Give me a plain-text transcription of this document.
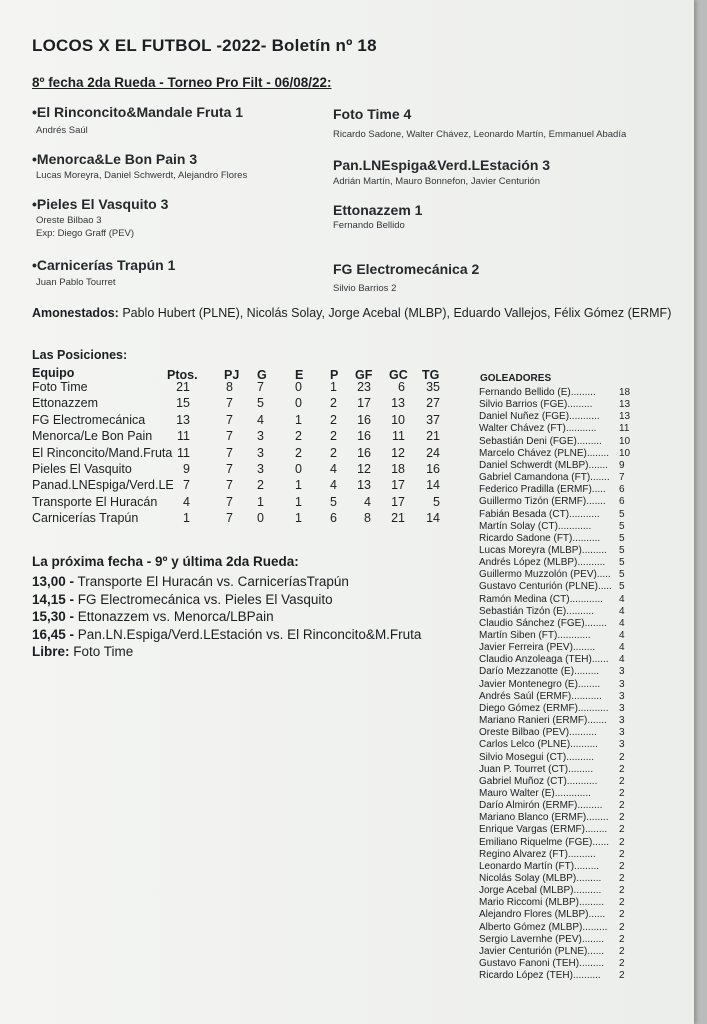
LOCOS X EL FUTBOL -2022- Boletín nº 18
8º fecha 2da Rueda - Torneo Pro Filt - 06/08/22:
•El Rinconcito&Mandale Fruta 1
Andrés Saúl
Foto Time 4
Ricardo Sadone, Walter Chávez, Leonardo Martín, Emmanuel Abadía
•Menorca&Le Bon Pain 3
Lucas Moreyra, Daniel Schwerdt, Alejandro Flores
Pan.LNEspiga&Verd.LEstación 3
Adrián Martín, Mauro Bonnefon, Javier Centurión
•Pieles El Vasquito 3
Oreste Bilbao 3
Exp: Diego Graff (PEV)
Ettonazzem 1
Fernando Bellido
•Carnicerías Trapún 1
Juan Pablo Tourret
FG Electromecánica 2
Silvio Barrios 2
Amonestados: Pablo Hubert (PLNE), Nicolás Solay, Jorge Acebal (MLBP), Eduardo Vallejos, Félix Gómez (ERMF)
Las Posiciones:
Equipo	Ptos. PJ G E P GF GC TG
Foto Time	21	8	7	0	1	23	6	35
Ettonazzem	15	7	5	0	2	17	13	27
FG Electromecánica	13	7	4	1	2	16	10	37
Menorca/Le Bon Pain	11	7	3	2	2	16	11	21
El Rinconcito/Mand.Fruta 11	7	3	2	2	16	12	24
Pieles El Vasquito	9	7	3	0	4	12	18	16
Panad.LNEspiga/Verd.LE 7	7	2	1	4	13	17	14
Transporte El Huracán	4	7	1	1	5	4	17	5
Carnicerías Trapún	1	7	0	1	6	8	21	14
La próxima fecha - 9º y última 2da Rueda:
13,00 - Transporte El Huracán vs. CarniceríasTrapún
14,15 - FG Electromecánica vs. Pieles El Vasquito
15,30 - Ettonazzem vs. Menorca/LBPain
16,45 - Pan.LN.Espiga/Verd.LEstación vs. El Rinconcito&M.Fruta
Libre: Foto Time
GOLEADORES
Fernando Bellido (E)......... 18
Silvio Barrios (FGE).........	13
Daniel Nuñez (FGE)........... 13
Walter Chávez (FT)........... 11
Sebastián Deni (FGE)......... 10
Marcelo Chávez (PLNE)........ 10
Daniel Schwerdt (MLBP)....... 9
Gabriel Camandona (FT)....... 7
Federico Pradilla (ERMF)..... 6
Guillermo Tizón (ERMF)....... 6
Fabián Besada (CT)........... 5
Martín Solay (CT)............	5
Ricardo Sadone (FT).......... 5
Lucas Moreyra (MLBP)......... 5
Andrés López (MLBP).......... 5
Guillermo Muzzolón (PEV)..... 5
Gustavo Centurión (PLNE)..... 5
Ramón Medina (CT)............ 4
Sebastián Tizón (E).......... 4
Claudio Sánchez (FGE)........ 4
Martín Siben (FT)............	4
Javier Ferreira (PEV)........ 4
Claudio Anzoleaga (TEH)...... 4
Darío Mezzanotte (E)......... 3
Javier Montenegro (E)........ 3
Andrés Saúl (ERMF)........... 3
Diego Gómez (ERMF)........... 3
Mariano Ranieri (ERMF)....... 3
Oreste Bilbao (PEV).......... 3
Carlos Lelco (PLNE).......... 3
Silvio Mosegui (CT).......... 2
Juan P. Tourret (CT).........	2
Gabriel Muñoz (CT)........... 2
Mauro Walter (E).............	2
Darío Almirón (ERMF)......... 2
Mariano Blanco (ERMF)........ 2
Enrique Vargas (ERMF)........ 2
Emiliano Riquelme (FGE)...... 2
Regino Alvarez (FT).......... 2
Leonardo Martín (FT)......... 2
Nicolás Solay (MLBP)......... 2
Jorge Acebal (MLBP).......... 2
Mario Riccomi (MLBP)......... 2
Alejandro Flores (MLBP)...... 2
Alberto Gómez (MLBP)......... 2
Sergio Lavernhe (PEV)........ 2
Javier Centurión (PLNE)...... 2
Gustavo Fanoni (TEH)......... 2
Ricardo López (TEH).......... 2
